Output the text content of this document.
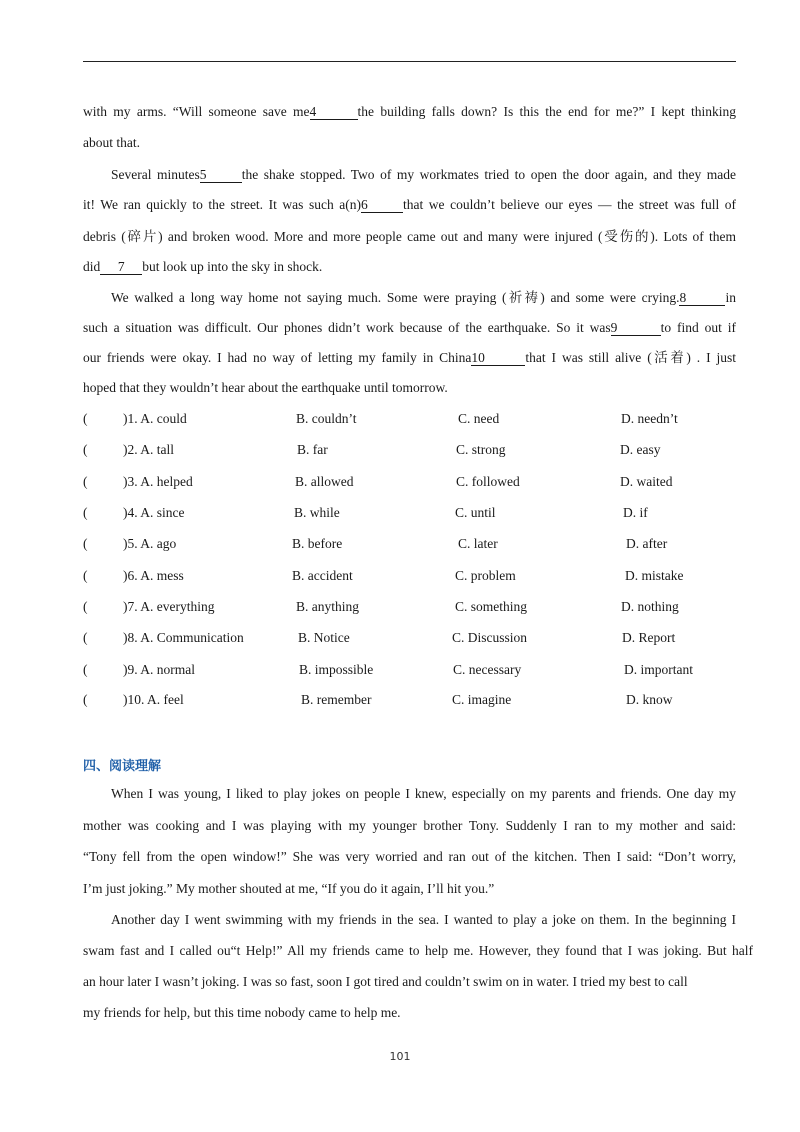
with my arms. “Will someone save me4	the building falls down? Is this the end for me?” I kept thinking
about that.
Several minutes5	the shake stopped. Two of my workmates tried to open the door again, and they made
it! We ran quickly to the street. It was such a(n)6	that we couldn’t believe our eyes — the street was full of
debris (碎片) and broken wood. More and more people came out and many were injured (受伤的). Lots of them
did 7 but look up into the sky in shock.
We walked a long way home not saying much. Some were praying (祈祷) and some were crying.8	in
such a situation was difficult. Our phones didn’t work because of the earthquake. So it was9	to find out if
our friends were okay. I had no way of letting my family in China10	that I was still alive (活着) . I just
hoped that they wouldn’t hear about the earthquake until tomorrow.
(	)1. A. could	B. couldn’t	C. need	D. needn’t
(	)2. A. tall	B. far	C. strong	D. easy
(	)3. A. helped	B. allowed	C. followed	D. waited
(	)4. A. since	B. while	C. until	D. if
(	)5. A. ago	B. before	C. later	D. after
(	)6. A. mess	B. accident	C. problem	D. mistake
(	)7. A. everything	B. anything	C. something	D. nothing
(	)8. A. Communication	B. Notice	C. Discussion	D. Report
(	)9. A. normal	B. impossible	C. necessary	D. important
(	)10. A. feel	B. remember	C. imagine	D. know
四、阅读理解
When I was young, I liked to play jokes on people I knew, especially on my parents and friends. One day my
mother was cooking and I was playing with my younger brother Tony. Suddenly I ran to my mother and said:
“Tony fell from the open window!” She was very worried and ran out of the kitchen. Then I said: “Don’t worry,
I’m just joking.” My mother shouted at me, “If you do it again, I’ll hit you.”
Another day I went swimming with my friends in the sea. I wanted to play a joke on them. In the beginning I
swam fast and I called ou“t Help!” All my friends came to help me. However, they found that I was joking. But half
an hour later I wasn’t joking. I was so fast, soon I got tired and couldn’t swim on in water. I tried my best to call
my friends for help, but this time nobody came to help me.
101
